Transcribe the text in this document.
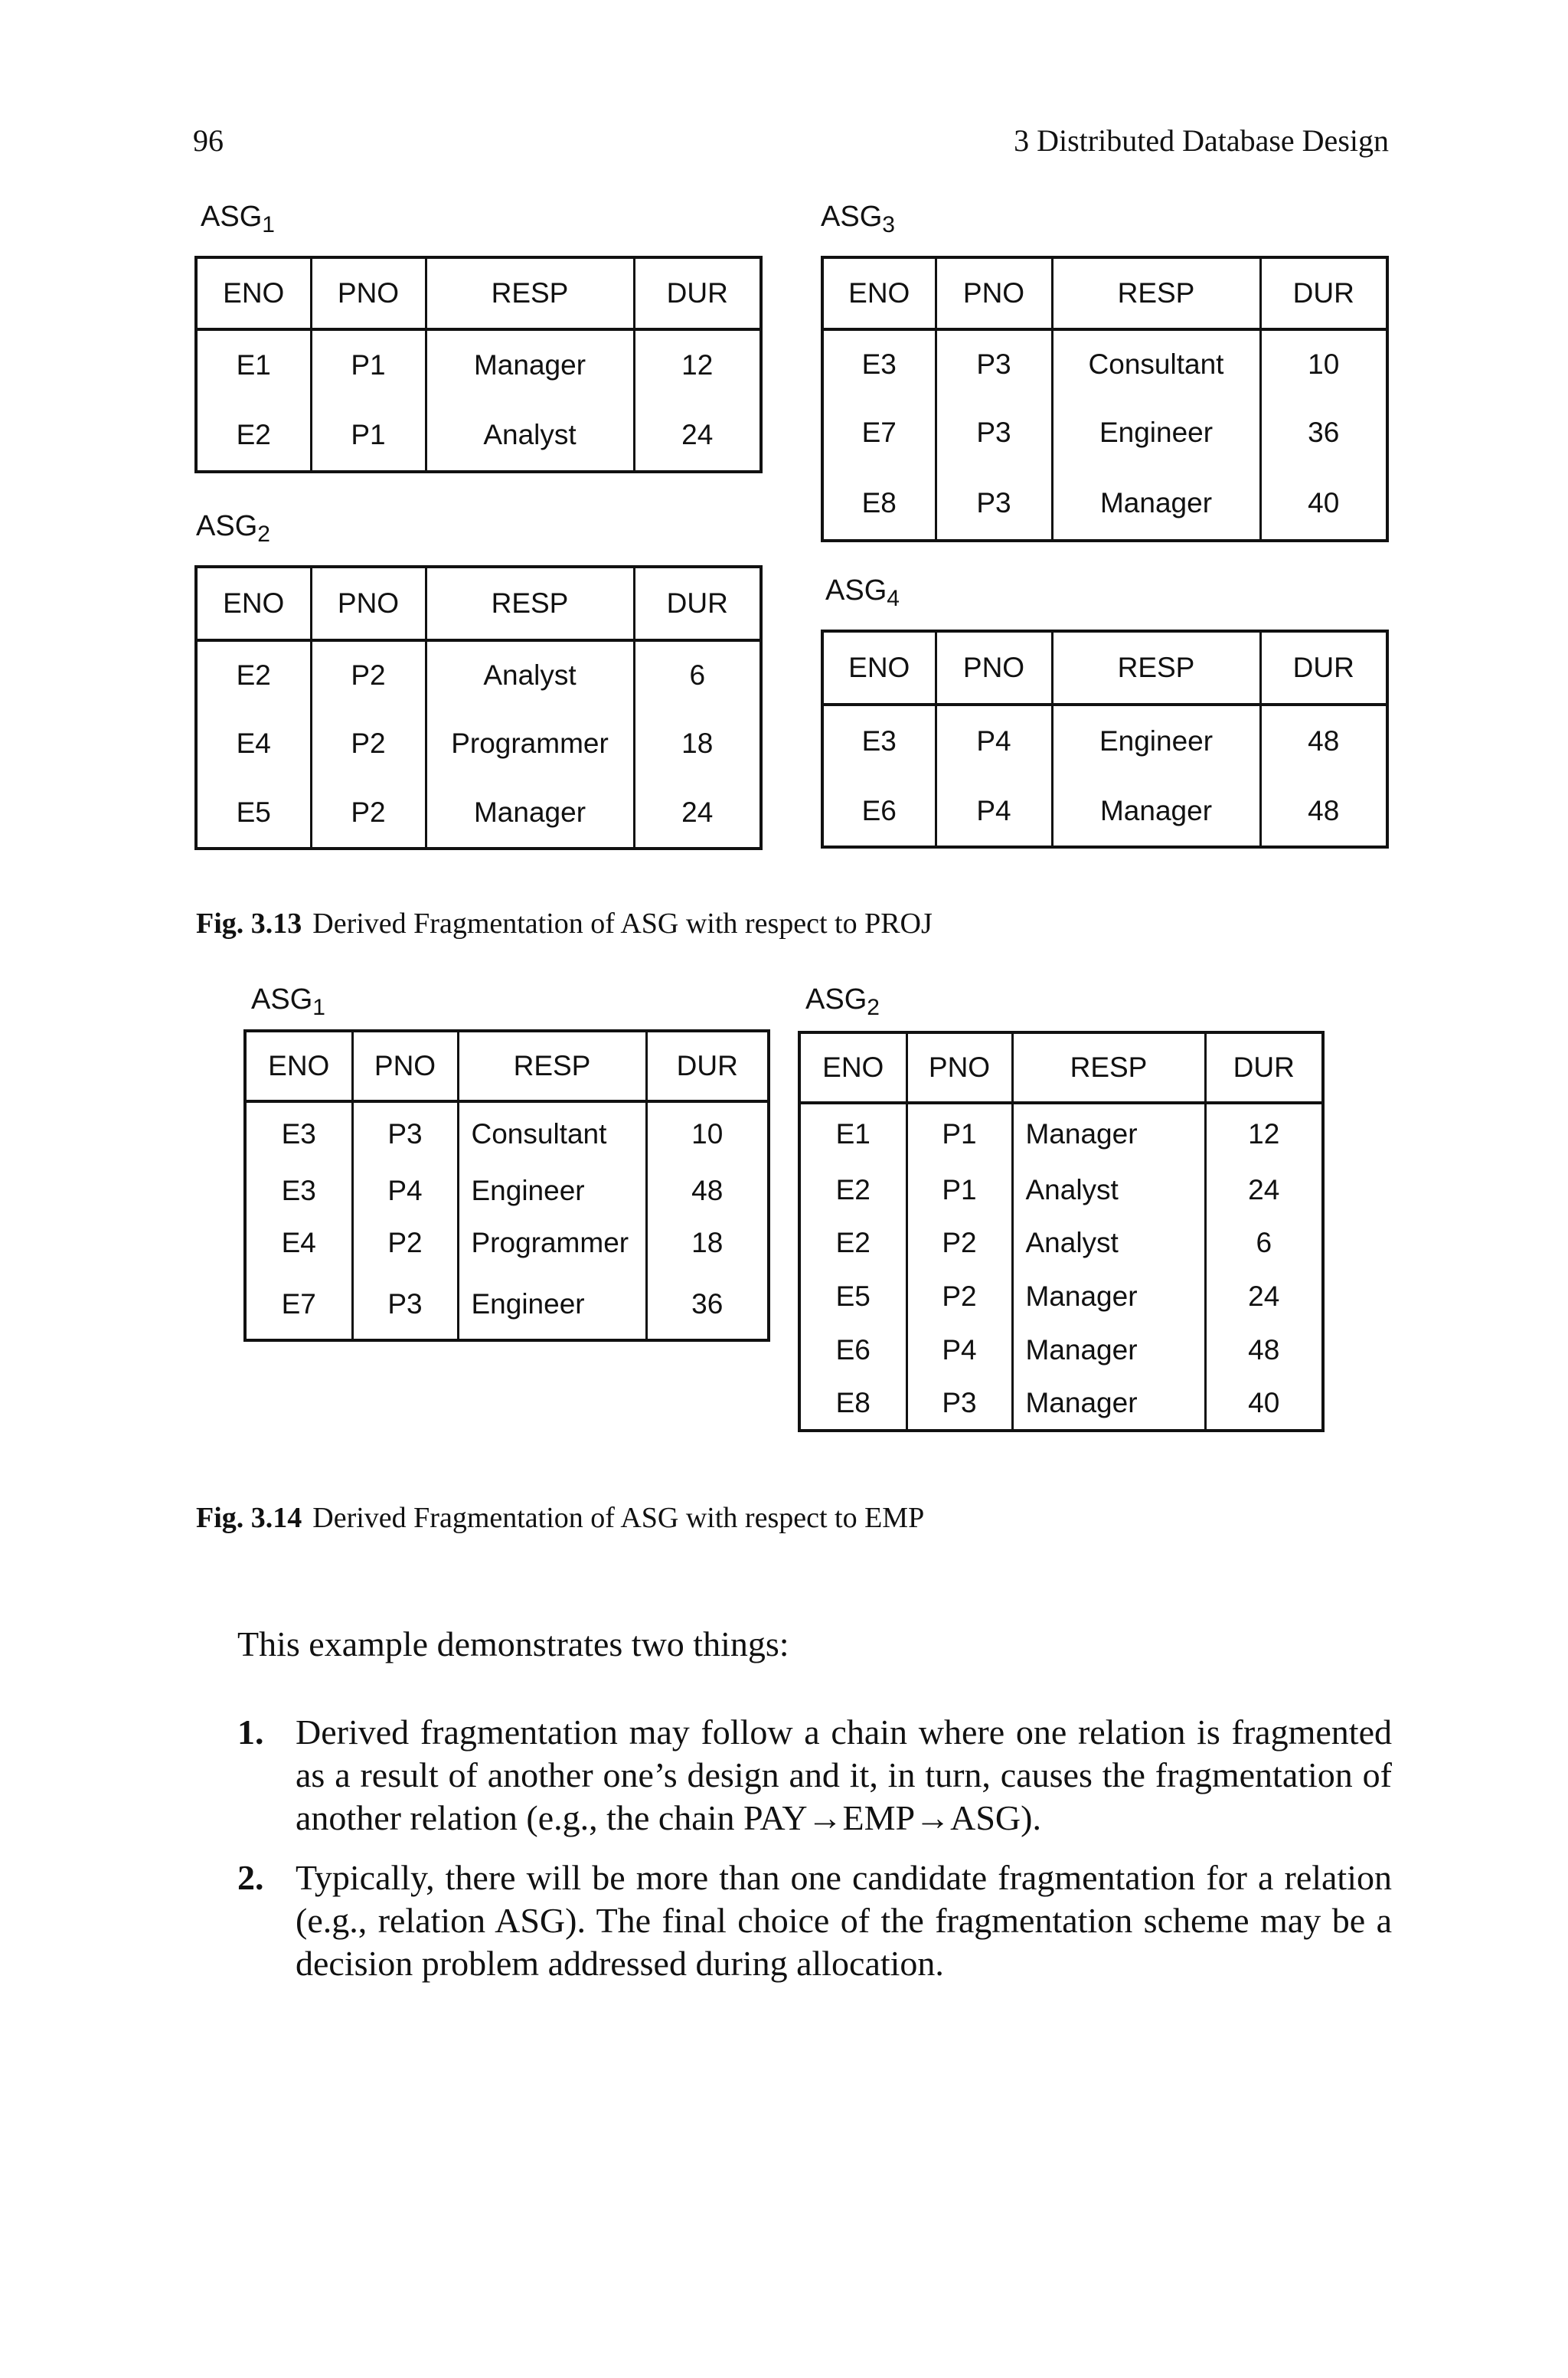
96	3 Distributed Database Design
$ASG_1$
ENO	PNO	RESP	DUR
E1	P1	Manager	12
E2	P1	Analyst	24
$ASG_2$
ENO	PNO	RESP	DUR
E2	P2	Analyst	6
E4	P2	Programmer	18
E5	P2	Manager	24
$ASG_3$
ENO	PNO	RESP	DUR
E3	P3	Consultant	10
E7	P3	Engineer	36
E8	P3	Manager	40
$ASG_4$
ENO	PNO	RESP	DUR
E3	P4	Engineer	48
E6	P4	Manager	48
Fig. 3.13 Derived Fragmentation of ASG with respect to PROJ
$ASG_1$
ENO	PNO	RESP	DUR
E3	P3	Consultant	10
E3	P4	Engineer	48
E4	P2	Programmer	18
E7	P3	Engineer	36
$ASG_2$
ENO	PNO	RESP	DUR
E1	P1	Manager	12
E2	P1	Analyst	24
E2	P2	Analyst	6
E5	P2	Manager	24
E6	P4	Manager	48
E8	P3	Manager	40
Fig. 3.14 Derived Fragmentation of ASG with respect to EMP
This example demonstrates two things:
1. Derived fragmentation may follow a chain where one relation is fragmented as a result of another one’s design and it, in turn, causes the fragmentation of another relation (e.g., the chain PAY→EMP→ASG).
2. Typically, there will be more than one candidate fragmentation for a relation (e.g., relation ASG). The final choice of the fragmentation scheme may be a decision problem addressed during allocation.
